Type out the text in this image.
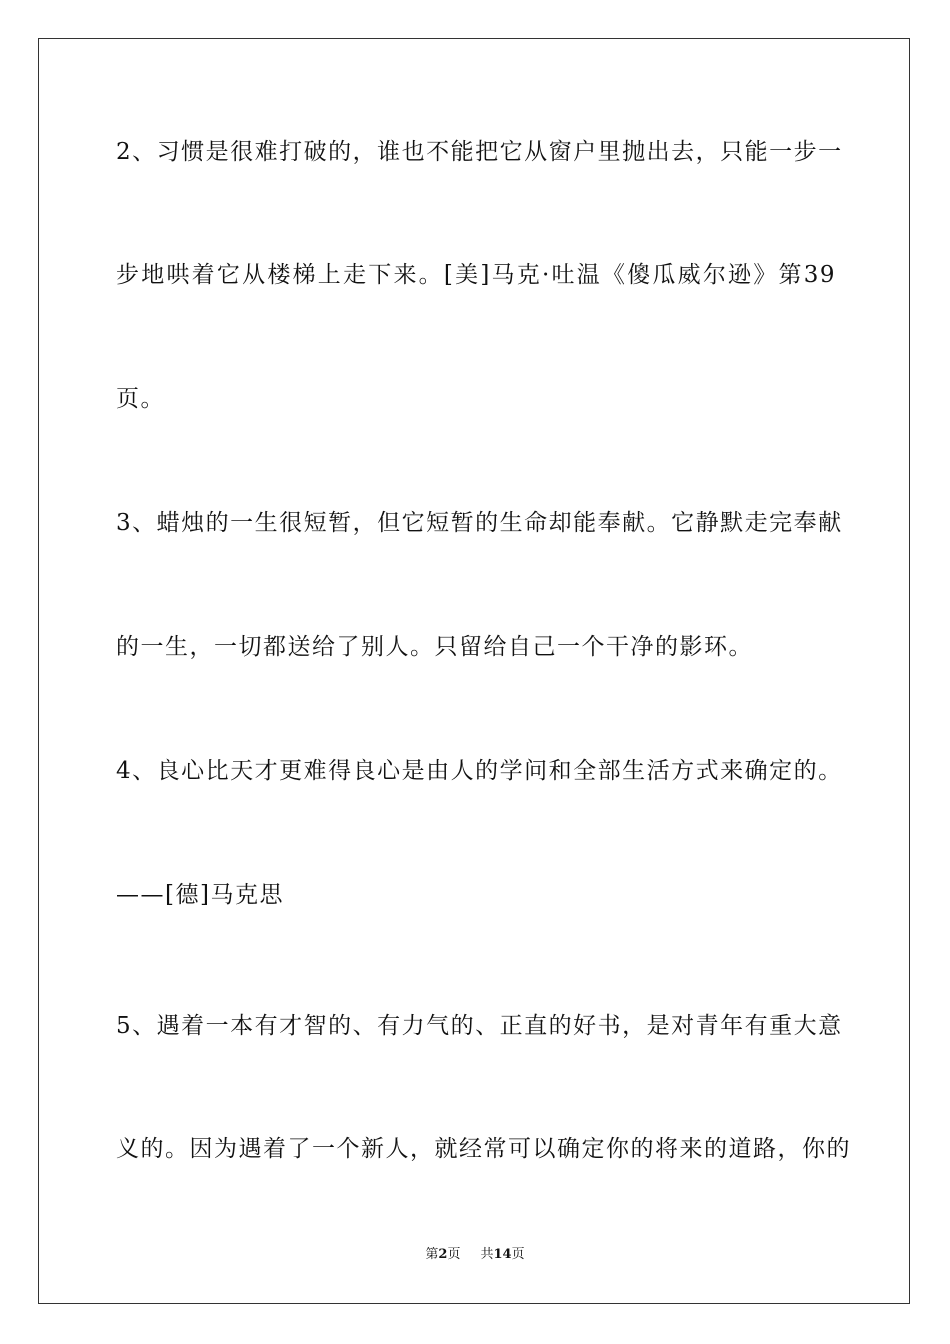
2、习惯是很难打破的，谁也不能把它从窗户里抛出去，只能一步一
步地哄着它从楼梯上走下来。[美]马克·吐温《傻瓜威尔逊》第39
页。
3、蜡烛的一生很短暂，但它短暂的生命却能奉献。它静默走完奉献
的一生，一切都送给了别人。只留给自己一个干净的影环。
4、良心比天才更难得良心是由人的学问和全部生活方式来确定的。
——[德]马克思
5、遇着一本有才智的、有力气的、正直的好书，是对青年有重大意
义的。因为遇着了一个新人，就经常可以确定你的将来的道路，你的
第2页 共14页
